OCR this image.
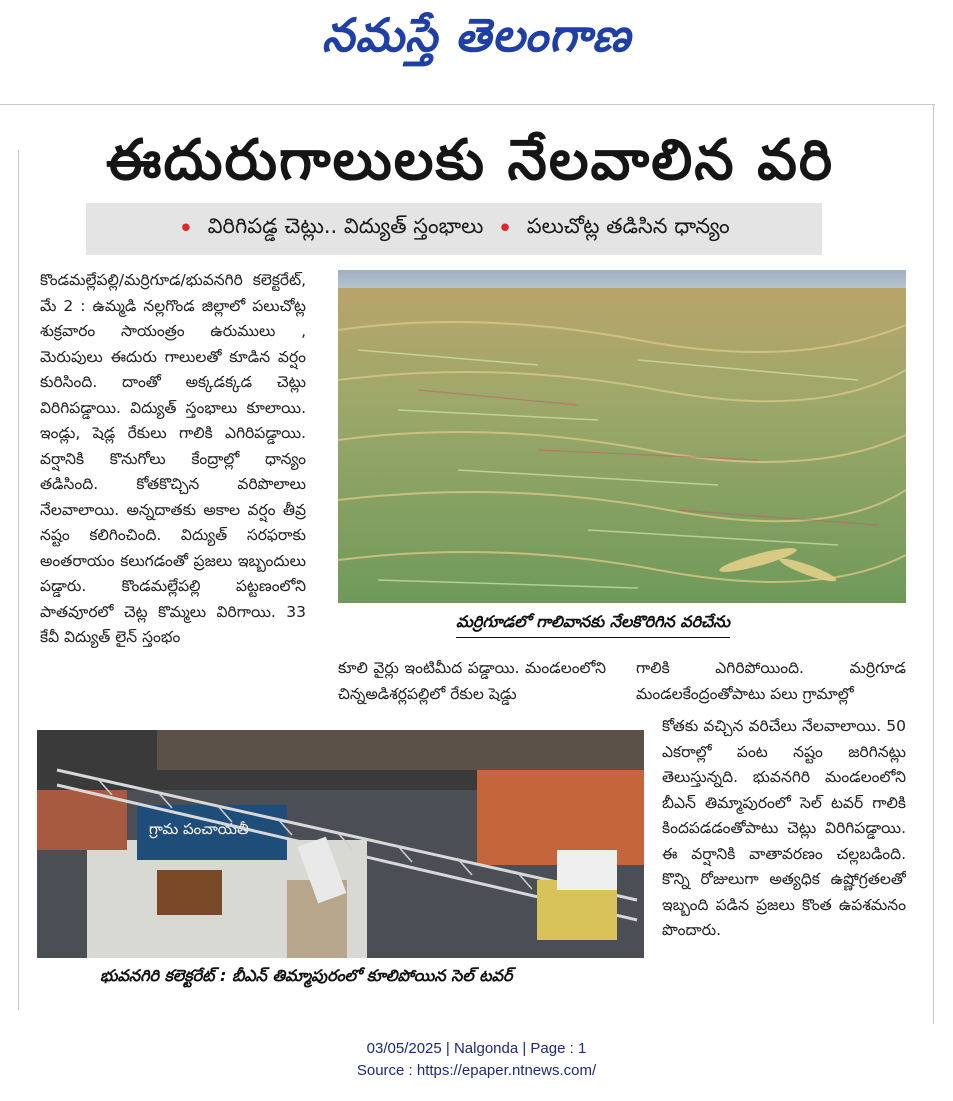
నమస్తే తెలంగాణ
ఈదురుగాలులకు నేలవాలిన వరి
• విరిగిపడ్డ చెట్లు.. విద్యుత్ స్తంభాలు • పలుచోట్ల తడిసిన ధాన్యం

కొండమల్లేపల్లి/మర్రిగూడ/భువనగిరి కలెక్టరేట్, మే 2 : ఉమ్మడి నల్లగొండ జిల్లాలో పలుచోట్ల శుక్రవారం సాయంత్రం ఉరుములు , మెరుపులు ఈదురు గాలులతో కూడిన వర్షం కురిసింది. దాంతో అక్కడక్కడ చెట్లు విరిగిపడ్డాయి. విద్యుత్ స్తంభాలు కూలాయి. ఇండ్లు, షెడ్ల రేకులు గాలికి ఎగిరిపడ్డాయి. వర్షానికి కొనుగోలు కేంద్రాల్లో ధాన్యం తడిసింది. కోతకొచ్చిన వరిపొలాలు నేలవాలాయి. అన్నదాతకు అకాల వర్షం తీవ్ర నష్టం కలిగించింది. విద్యుత్ సరఫరాకు అంతరాయం కలుగడంతో ప్రజలు ఇబ్బందులు పడ్డారు. కొండమల్లేపల్లి పట్టణంలోని పాతవూరలో చెట్ల కొమ్మలు విరిగాయి. 33 కేవీ విద్యుత్ లైన్ స్తంభం

మర్రిగూడలో గాలివానకు నేలకొరిగిన వరిచేను

కూలి వైర్లు ఇంటిమీద పడ్డాయి. మండలంలోని చిన్నఅడిశర్లపల్లిలో రేకుల షెడ్డు

గాలికి ఎగిరిపోయింది. మర్రిగూడ మండలకేంద్రంతోపాటు పలు గ్రామాల్లో

గ్రామ పంచాయతీ
భువనగిరి కలెక్టరేట్ : బీఎన్ తిమ్మాపురంలో కూలిపోయిన సెల్ టవర్

కోతకు వచ్చిన వరిచేలు నేలవాలాయి. 50 ఎకరాల్లో పంట నష్టం జరిగినట్లు తెలుస్తున్నది. భువనగిరి మండలంలోని బీఎన్ తిమ్మాపురంలో సెల్ టవర్ గాలికి కిందపడడంతోపాటు చెట్లు విరిగిపడ్డాయి. ఈ వర్షానికి వాతావరణం చల్లబడింది. కొన్ని రోజులుగా అత్యధిక ఉష్ణోగ్రతలతో ఇబ్బంది పడిన ప్రజలు కొంత ఉపశమనం పొందారు.

03/05/2025 | Nalgonda | Page : 1
Source : https://epaper.ntnews.com/
